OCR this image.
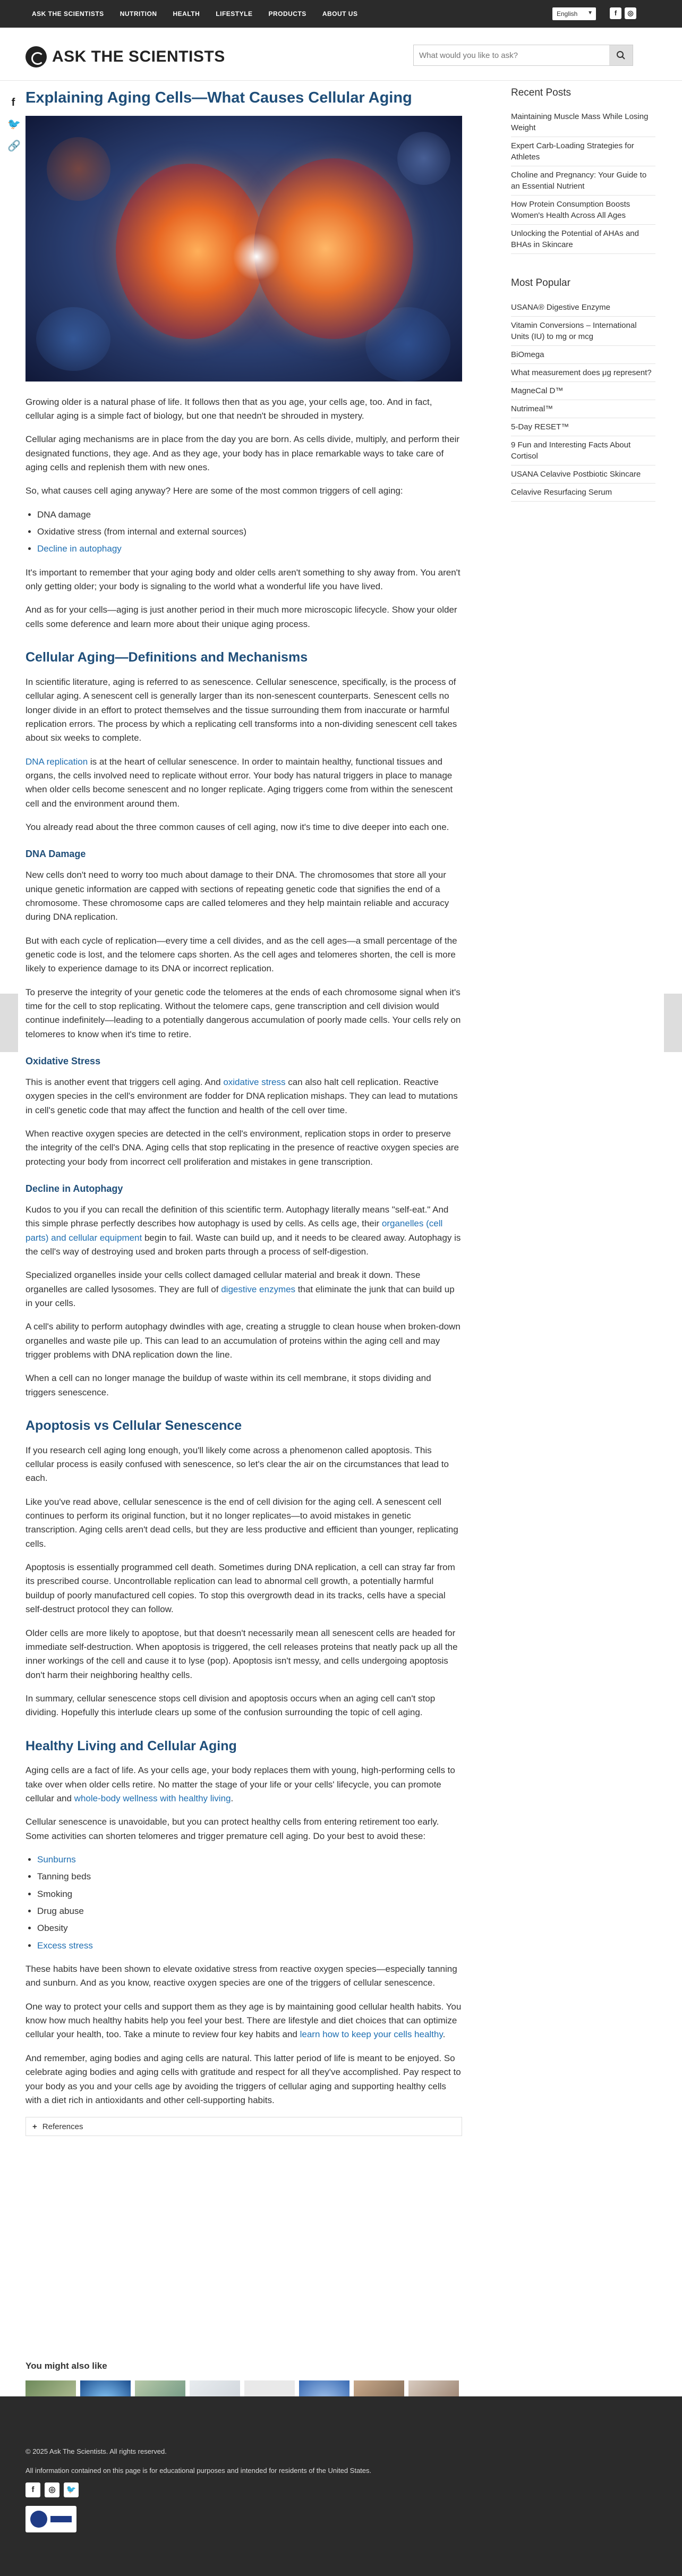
ASK THE SCIENTISTS	NUTRITION	HEALTH	LIFESTYLE	PRODUCTS	ABOUT US	English ▼	f	◎
ASK THE SCIENTISTS
What would you like to ask?
f
🐦
🔗
Explaining Aging Cells—What Causes Cellular Aging

Growing older is a natural phase of life. It follows then that as you age, your cells age, too. And in fact, cellular aging is a simple fact of biology, but one that needn't be shrouded in mystery.

Cellular aging mechanisms are in place from the day you are born. As cells divide, multiply, and perform their designated functions, they age. And as they age, your body has in place remarkable ways to take care of aging cells and replenish them with new ones.

So, what causes cell aging anyway? Here are some of the most common triggers of cell aging:

• DNA damage
• Oxidative stress (from internal and external sources)
• Decline in autophagy

It's important to remember that your aging body and older cells aren't something to shy away from. You aren't only getting older; your body is signaling to the world what a wonderful life you have lived.

And as for your cells—aging is just another period in their much more microscopic lifecycle. Show your older cells some deference and learn more about their unique aging process.

Cellular Aging—Definitions and Mechanisms

In scientific literature, aging is referred to as senescence. Cellular senescence, specifically, is the process of cellular aging. A senescent cell is generally larger than its non-senescent counterparts. Senescent cells no longer divide in an effort to protect themselves and the tissue surrounding them from inaccurate or harmful replication errors. The process by which a replicating cell transforms into a non-dividing senescent cell takes about six weeks to complete.

DNA replication is at the heart of cellular senescence. In order to maintain healthy, functional tissues and organs, the cells involved need to replicate without error. Your body has natural triggers in place to manage when older cells become senescent and no longer replicate. Aging triggers come from within the senescent cell and the environment around them.

You already read about the three common causes of cell aging, now it's time to dive deeper into each one.

DNA Damage

New cells don't need to worry too much about damage to their DNA. The chromosomes that store all your unique genetic information are capped with sections of repeating genetic code that signifies the end of a chromosome. These chromosome caps are called telomeres and they help maintain reliable and accuracy during DNA replication.

But with each cycle of replication—every time a cell divides, and as the cell ages—a small percentage of the genetic code is lost, and the telomere caps shorten. As the cell ages and telomeres shorten, the cell is more likely to experience damage to its DNA or incorrect replication.

To preserve the integrity of your genetic code the telomeres at the ends of each chromosome signal when it's time for the cell to stop replicating. Without the telomere caps, gene transcription and cell division would continue indefinitely—leading to a potentially dangerous accumulation of poorly made cells. Your cells rely on telomeres to know when it's time to retire.

Oxidative Stress

This is another event that triggers cell aging. And oxidative stress can also halt cell replication. Reactive oxygen species in the cell's environment are fodder for DNA replication mishaps. They can lead to mutations in cell's genetic code that may affect the function and health of the cell over time.

When reactive oxygen species are detected in the cell's environment, replication stops in order to preserve the integrity of the cell's DNA. Aging cells that stop replicating in the presence of reactive oxygen species are protecting your body from incorrect cell proliferation and mistakes in gene transcription.

Decline in Autophagy

Kudos to you if you can recall the definition of this scientific term. Autophagy literally means "self-eat." And this simple phrase perfectly describes how autophagy is used by cells. As cells age, their organelles (cell parts) and cellular equipment begin to fail. Waste can build up, and it needs to be cleared away. Autophagy is the cell's way of destroying used and broken parts through a process of self-digestion.

Specialized organelles inside your cells collect damaged cellular material and break it down. These organelles are called lysosomes. They are full of digestive enzymes that eliminate the junk that can build up in your cells.

A cell's ability to perform autophagy dwindles with age, creating a struggle to clean house when broken-down organelles and waste pile up. This can lead to an accumulation of proteins within the aging cell and may trigger problems with DNA replication down the line.

When a cell can no longer manage the buildup of waste within its cell membrane, it stops dividing and triggers senescence.

Apoptosis vs Cellular Senescence

If you research cell aging long enough, you'll likely come across a phenomenon called apoptosis. This cellular process is easily confused with senescence, so let's clear the air on the circumstances that lead to each.

Like you've read above, cellular senescence is the end of cell division for the aging cell. A senescent cell continues to perform its original function, but it no longer replicates—to avoid mistakes in genetic transcription. Aging cells aren't dead cells, but they are less productive and efficient than younger, replicating cells.

Apoptosis is essentially programmed cell death. Sometimes during DNA replication, a cell can stray far from its prescribed course. Uncontrollable replication can lead to abnormal cell growth, a potentially harmful buildup of poorly manufactured cell copies. To stop this overgrowth dead in its tracks, cells have a special self-destruct protocol they can follow.

Older cells are more likely to apoptose, but that doesn't necessarily mean all senescent cells are headed for immediate self-destruction. When apoptosis is triggered, the cell releases proteins that neatly pack up all the inner workings of the cell and cause it to lyse (pop). Apoptosis isn't messy, and cells undergoing apoptosis don't harm their neighboring healthy cells.

In summary, cellular senescence stops cell division and apoptosis occurs when an aging cell can't stop dividing. Hopefully this interlude clears up some of the confusion surrounding the topic of cell aging.

Healthy Living and Cellular Aging

Aging cells are a fact of life. As your cells age, your body replaces them with young, high-performing cells to take over when older cells retire. No matter the stage of your life or your cells' lifecycle, you can promote cellular and whole-body wellness with healthy living.

Cellular senescence is unavoidable, but you can protect healthy cells from entering retirement too early. Some activities can shorten telomeres and trigger premature cell aging. Do your best to avoid these:

• Sunburns
• Tanning beds
• Smoking
• Drug abuse
• Obesity
• Excess stress

These habits have been shown to elevate oxidative stress from reactive oxygen species—especially tanning and sunburn. And as you know, reactive oxygen species are one of the triggers of cellular senescence.

One way to protect your cells and support them as they age is by maintaining good cellular health habits. You know how much healthy habits help you feel your best. There are lifestyle and diet choices that can optimize cellular your health, too. Take a minute to review four key habits and learn how to keep your cells healthy.

And remember, aging bodies and aging cells are natural. This latter period of life is meant to be enjoyed. So celebrate aging bodies and aging cells with gratitude and respect for all they've accomplished. Pay respect to your body as you and your cells age by avoiding the triggers of cellular aging and supporting healthy cells with a diet rich in antioxidants and other cell-supporting habits.

+ References
Recent Posts
Maintaining Muscle Mass While Losing Weight
Expert Carb-Loading Strategies for Athletes
Choline and Pregnancy: Your Guide to an Essential Nutrient
How Protein Consumption Boosts Women's Health Across All Ages
Unlocking the Potential of AHAs and BHAs in Skincare
Most Popular
USANA® Digestive Enzyme
Vitamin Conversions – International Units (IU) to mg or mcg
BiOmega
What measurement does μg represent?
MagneCal D™
Nutrimeal™
5-Day RESET™
9 Fun and Interesting Facts About Cortisol
USANA Celavive Postbiotic Skincare
Celavive Resurfacing Serum
You might also like

© 2025 Ask The Scientists. All rights reserved.

All information contained on this page is for educational purposes and intended for residents of the United States.

f	◎	🐦
